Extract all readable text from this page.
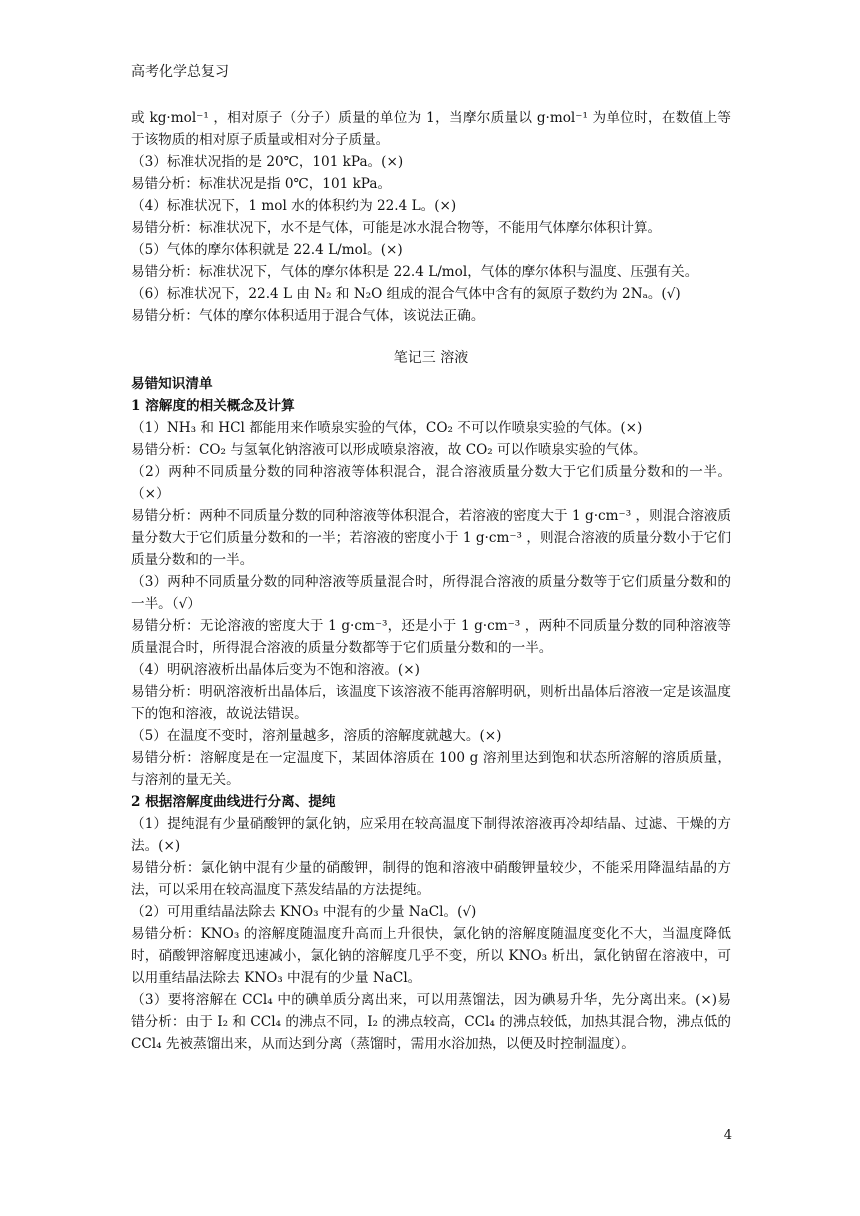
高考化学总复习

或 kg·mol⁻¹ ，相对原子（分子）质量的单位为 1，当摩尔质量以 g·mol⁻¹ 为单位时，在数值上等于该物质的相对原子质量或相对分子质量。

（3）标准状况指的是 20℃，101 kPa。(×)

易错分析：标准状况是指 0℃，101 kPa。

（4）标准状况下，1 mol 水的体积约为 22.4 L。(×)

易错分析：标准状况下，水不是气体，可能是冰水混合物等，不能用气体摩尔体积计算。

（5）气体的摩尔体积就是 22.4 L/mol。(×)

易错分析：标准状况下，气体的摩尔体积是 22.4 L/mol，气体的摩尔体积与温度、压强有关。

（6）标准状况下，22.4 L 由 N₂ 和 N₂O 组成的混合气体中含有的氮原子数约为 2Nₐ。(√)

易错分析：气体的摩尔体积适用于混合气体，该说法正确。

笔记三 溶液

易错知识清单

1 溶解度的相关概念及计算

（1）NH₃ 和 HCl 都能用来作喷泉实验的气体，CO₂ 不可以作喷泉实验的气体。(×)

易错分析：CO₂ 与氢氧化钠溶液可以形成喷泉溶液，故 CO₂ 可以作喷泉实验的气体。

（2）两种不同质量分数的同种溶液等体积混合，混合溶液质量分数大于它们质量分数和的一半。（×）

易错分析：两种不同质量分数的同种溶液等体积混合，若溶液的密度大于 1 g·cm⁻³ ，则混合溶液质量分数大于它们质量分数和的一半；若溶液的密度小于 1 g·cm⁻³ ，则混合溶液的质量分数小于它们质量分数和的一半。

（3）两种不同质量分数的同种溶液等质量混合时，所得混合溶液的质量分数等于它们质量分数和的一半。（√）

易错分析：无论溶液的密度大于 1 g·cm⁻³，还是小于 1 g·cm⁻³ ，两种不同质量分数的同种溶液等质量混合时，所得混合溶液的质量分数都等于它们质量分数和的一半。

（4）明矾溶液析出晶体后变为不饱和溶液。(×)

易错分析：明矾溶液析出晶体后，该温度下该溶液不能再溶解明矾，则析出晶体后溶液一定是该温度下的饱和溶液，故说法错误。

（5）在温度不变时，溶剂量越多，溶质的溶解度就越大。(×)

易错分析：溶解度是在一定温度下，某固体溶质在 100 g 溶剂里达到饱和状态所溶解的溶质质量，与溶剂的量无关。

2 根据溶解度曲线进行分离、提纯

（1）提纯混有少量硝酸钾的氯化钠，应采用在较高温度下制得浓溶液再冷却结晶、过滤、干燥的方法。(×)

易错分析：氯化钠中混有少量的硝酸钾，制得的饱和溶液中硝酸钾量较少，不能采用降温结晶的方法，可以采用在较高温度下蒸发结晶的方法提纯。

（2）可用重结晶法除去 KNO₃ 中混有的少量 NaCl。(√)

易错分析：KNO₃ 的溶解度随温度升高而上升很快，氯化钠的溶解度随温度变化不大，当温度降低时，硝酸钾溶解度迅速减小，氯化钠的溶解度几乎不变，所以 KNO₃ 析出，氯化钠留在溶液中，可以用重结晶法除去 KNO₃ 中混有的少量 NaCl。

（3）要将溶解在 CCl₄ 中的碘单质分离出来，可以用蒸馏法，因为碘易升华，先分离出来。(×)易错分析：由于 I₂ 和 CCl₄ 的沸点不同，I₂ 的沸点较高，CCl₄ 的沸点较低，加热其混合物，沸点低的 CCl₄ 先被蒸馏出来，从而达到分离（蒸馏时，需用水浴加热，以便及时控制温度）。

4
